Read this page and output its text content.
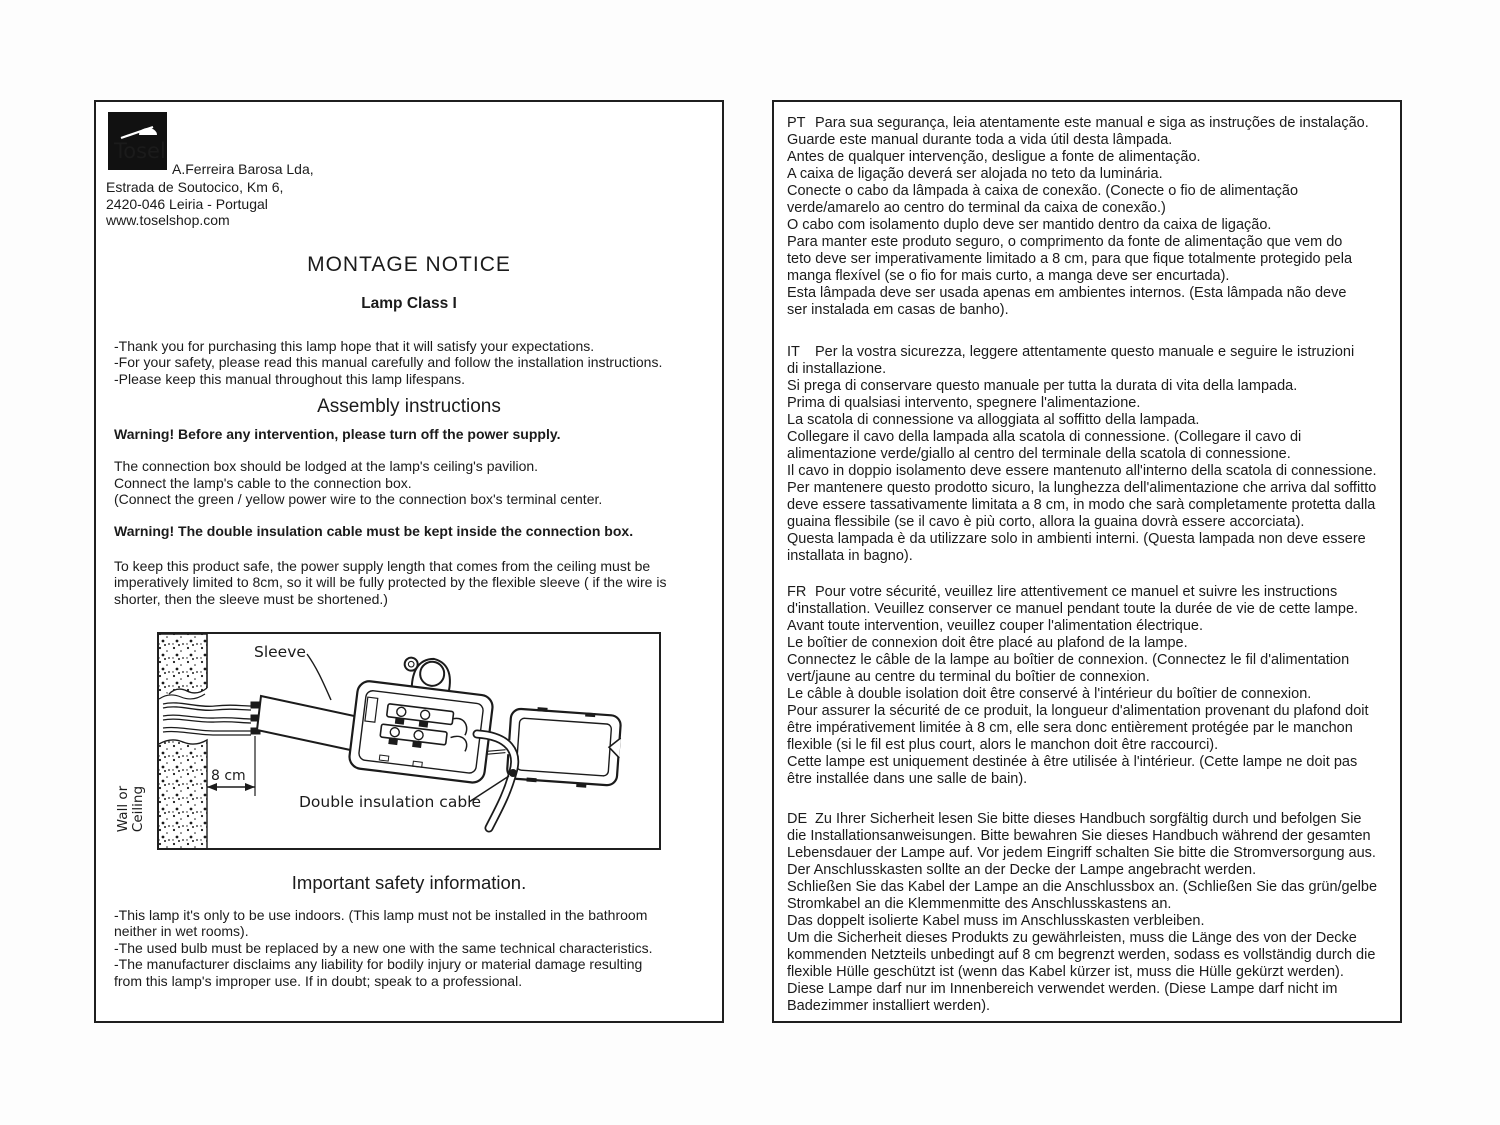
Tosel
A.Ferreira Barosa Lda,
Estrada de Soutocico, Km 6,
2420-046 Leiria - Portugal
www.toselshop.com
MONTAGE NOTICE
Lamp Class I
-Thank you for purchasing this lamp hope that it will satisfy your expectations.
-For your safety, please read this manual carefully and follow the installation instructions.
-Please keep this manual throughout this lamp lifespans.
Assembly instructions
Warning! Before any intervention, please turn off the power supply.
The connection box should be lodged at the lamp's ceiling's pavilion.
Connect the lamp's cable to the connection box.
(Connect the green / yellow power wire to the connection box's terminal center.
Warning! The double insulation cable must be kept inside the connection box.
To keep this product safe, the power supply length that comes from the ceiling must be
imperatively limited to 8cm, so it will be fully protected by the flexible sleeve ( if the wire is
shorter, then the sleeve must be shortened.)
Wall or Ceiling
8 cm
Sleeve
Double insulation cable
Important safety information.
-This lamp it's only to be use indoors. (This lamp must not be installed in the bathroom
neither in wet rooms).
-The used bulb must be replaced by a new one with the same technical characteristics.
-The manufacturer disclaims any liability for bodily injury or material damage resulting
from this lamp's improper use. If in doubt; speak to a professional.
PT Para sua segurança, leia atentamente este manual e siga as instruções de instalação.
Guarde este manual durante toda a vida útil desta lâmpada.
Antes de qualquer intervenção, desligue a fonte de alimentação.
A caixa de ligação deverá ser alojada no teto da luminária.
Conecte o cabo da lâmpada à caixa de conexão. (Conecte o fio de alimentação
verde/amarelo ao centro do terminal da caixa de conexão.)
O cabo com isolamento duplo deve ser mantido dentro da caixa de ligação.
Para manter este produto seguro, o comprimento da fonte de alimentação que vem do
teto deve ser imperativamente limitado a 8 cm, para que fique totalmente protegido pela
manga flexível (se o fio for mais curto, a manga deve ser encurtada).
Esta lâmpada deve ser usada apenas em ambientes internos. (Esta lâmpada não deve
ser instalada em casas de banho).
IT Per la vostra sicurezza, leggere attentamente questo manuale e seguire le istruzioni
di installazione.
Si prega di conservare questo manuale per tutta la durata di vita della lampada.
Prima di qualsiasi intervento, spegnere l'alimentazione.
La scatola di connessione va alloggiata al soffitto della lampada.
Collegare il cavo della lampada alla scatola di connessione. (Collegare il cavo di
alimentazione verde/giallo al centro del terminale della scatola di connessione.
Il cavo in doppio isolamento deve essere mantenuto all'interno della scatola di connessione.
Per mantenere questo prodotto sicuro, la lunghezza dell'alimentazione che arriva dal soffitto
deve essere tassativamente limitata a 8 cm, in modo che sarà completamente protetta dalla
guaina flessibile (se il cavo è più corto, allora la guaina dovrà essere accorciata).
Questa lampada è da utilizzare solo in ambienti interni. (Questa lampada non deve essere
installata in bagno).
FR Pour votre sécurité, veuillez lire attentivement ce manuel et suivre les instructions
d'installation. Veuillez conserver ce manuel pendant toute la durée de vie de cette lampe.
Avant toute intervention, veuillez couper l'alimentation électrique.
Le boîtier de connexion doit être placé au plafond de la lampe.
Connectez le câble de la lampe au boîtier de connexion. (Connectez le fil d'alimentation
vert/jaune au centre du terminal du boîtier de connexion.
Le câble à double isolation doit être conservé à l'intérieur du boîtier de connexion.
Pour assurer la sécurité de ce produit, la longueur d'alimentation provenant du plafond doit
être impérativement limitée à 8 cm, elle sera donc entièrement protégée par le manchon
flexible (si le fil est plus court, alors le manchon doit être raccourci).
Cette lampe est uniquement destinée à être utilisée à l'intérieur. (Cette lampe ne doit pas
être installée dans une salle de bain).
DE Zu Ihrer Sicherheit lesen Sie bitte dieses Handbuch sorgfältig durch und befolgen Sie
die Installationsanweisungen. Bitte bewahren Sie dieses Handbuch während der gesamten
Lebensdauer der Lampe auf. Vor jedem Eingriff schalten Sie bitte die Stromversorgung aus.
Der Anschlusskasten sollte an der Decke der Lampe angebracht werden.
Schließen Sie das Kabel der Lampe an die Anschlussbox an. (Schließen Sie das grün/gelbe
Stromkabel an die Klemmenmitte des Anschlusskastens an.
Das doppelt isolierte Kabel muss im Anschlusskasten verbleiben.
Um die Sicherheit dieses Produkts zu gewährleisten, muss die Länge des von der Decke
kommenden Netzteils unbedingt auf 8 cm begrenzt werden, sodass es vollständig durch die
flexible Hülle geschützt ist (wenn das Kabel kürzer ist, muss die Hülle gekürzt werden).
Diese Lampe darf nur im Innenbereich verwendet werden. (Diese Lampe darf nicht im
Badezimmer installiert werden).
